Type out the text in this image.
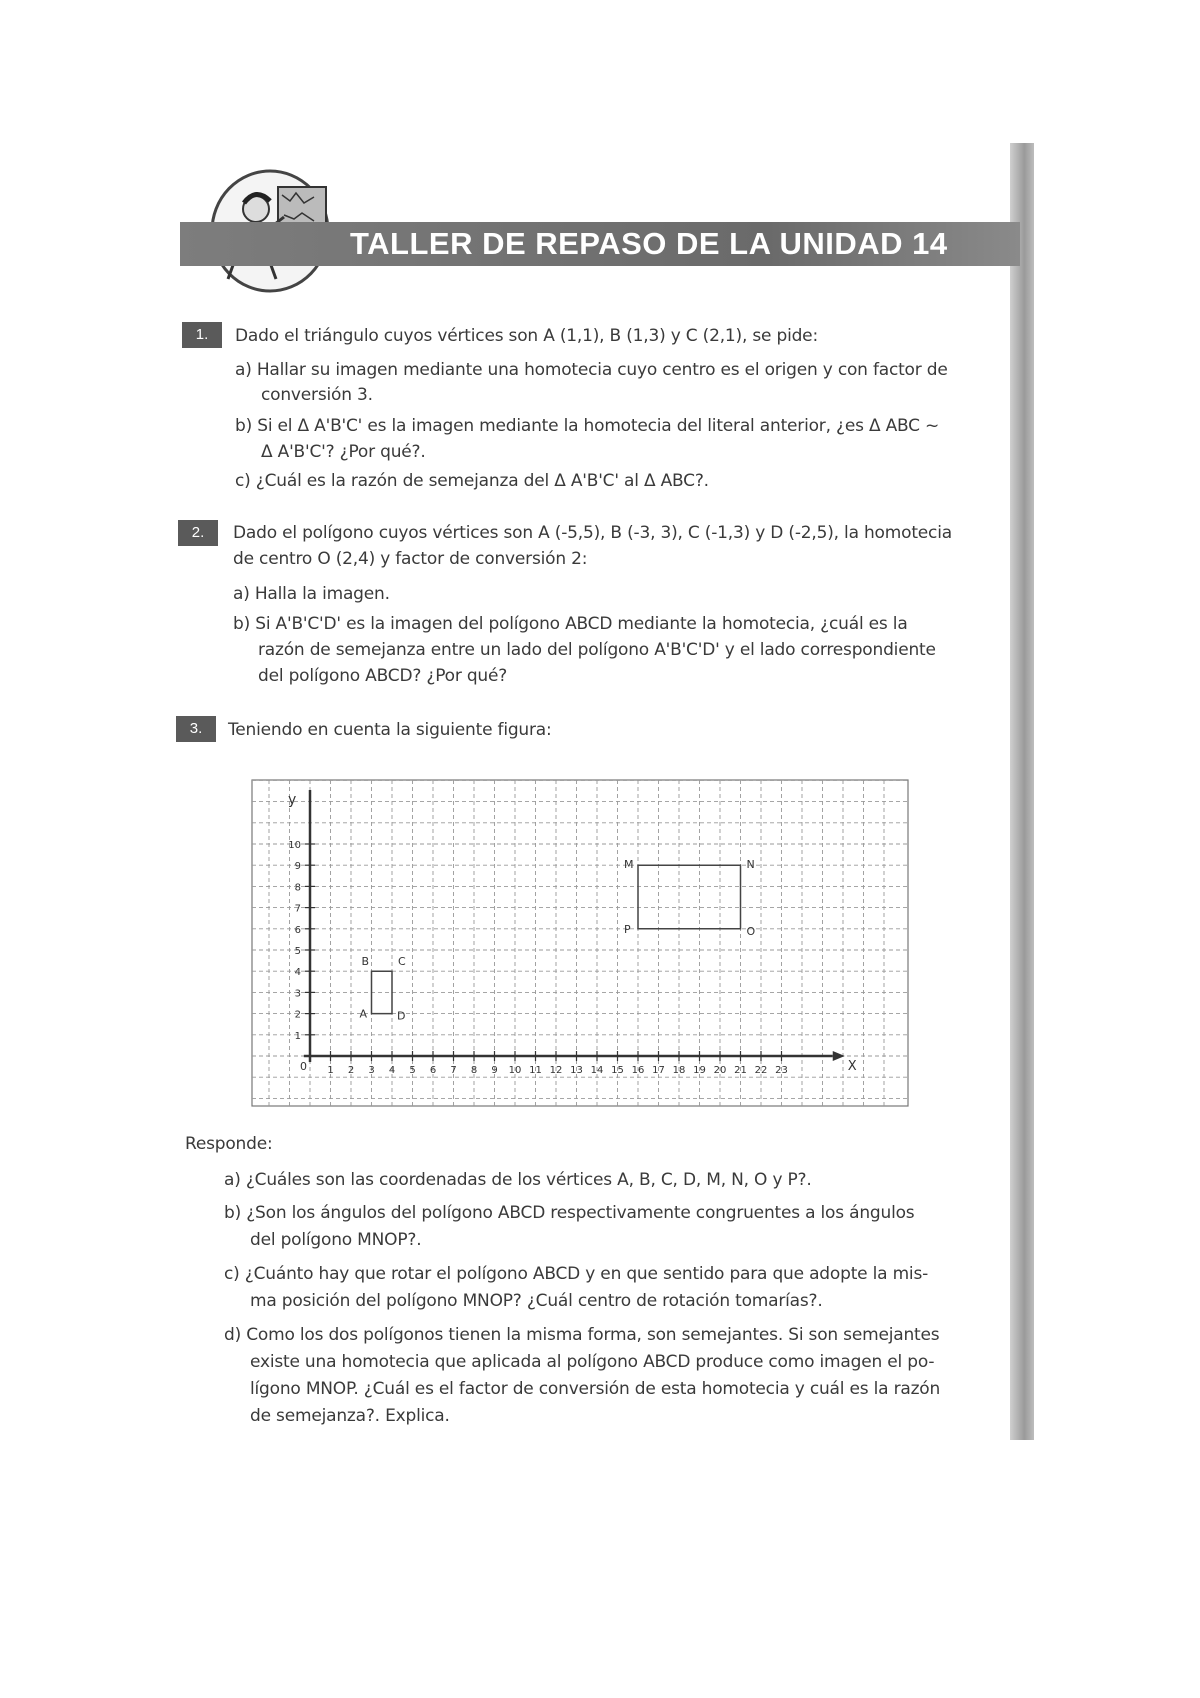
TALLER DE REPASO DE LA UNIDAD 14
1.	Dado el triángulo cuyos vértices son A (1,1), B (1,3) y C (2,1), se pide:
a) Hallar su imagen mediante una homotecia cuyo centro es el origen y con factor de
conversión 3.
b) Si el Δ A'B'C' es la imagen mediante la homotecia del literal anterior, ¿es Δ ABC ~
Δ A'B'C'? ¿Por qué?.
c) ¿Cuál es la razón de semejanza del Δ A'B'C' al Δ ABC?.
2.	Dado el polígono cuyos vértices son A (-5,5), B (-3, 3), C (-1,3) y D (-2,5), la homotecia
de centro O (2,4) y factor de conversión 2:
a) Halla la imagen.
b) Si A'B'C'D' es la imagen del polígono ABCD mediante la homotecia, ¿cuál es la
razón de semejanza entre un lado del polígono A'B'C'D' y el lado correspondiente
del polígono ABCD? ¿Por qué?
3.	Teniendo en cuenta la siguiente figura:
X
y
0 1 2 3 4 5 6 7 8 9 10 11 12 13 14 15 16 17 18 19 20 21 22 23
1
2
3
4
5
6
7
8
9
10
A
B	C
D
M	N
O
P
Responde:
a) ¿Cuáles son las coordenadas de los vértices A, B, C, D, M, N, O y P?.
b) ¿Son los ángulos del polígono ABCD respectivamente congruentes a los ángulos
del polígono MNOP?.
c) ¿Cuánto hay que rotar el polígono ABCD y en que sentido para que adopte la mis-
ma posición del polígono MNOP? ¿Cuál centro de rotación tomarías?.
d) Como los dos polígonos tienen la misma forma, son semejantes. Si son semejantes
existe una homotecia que aplicada al polígono ABCD produce como imagen el po-
lígono MNOP. ¿Cuál es el factor de conversión de esta homotecia y cuál es la razón
de semejanza?. Explica.
